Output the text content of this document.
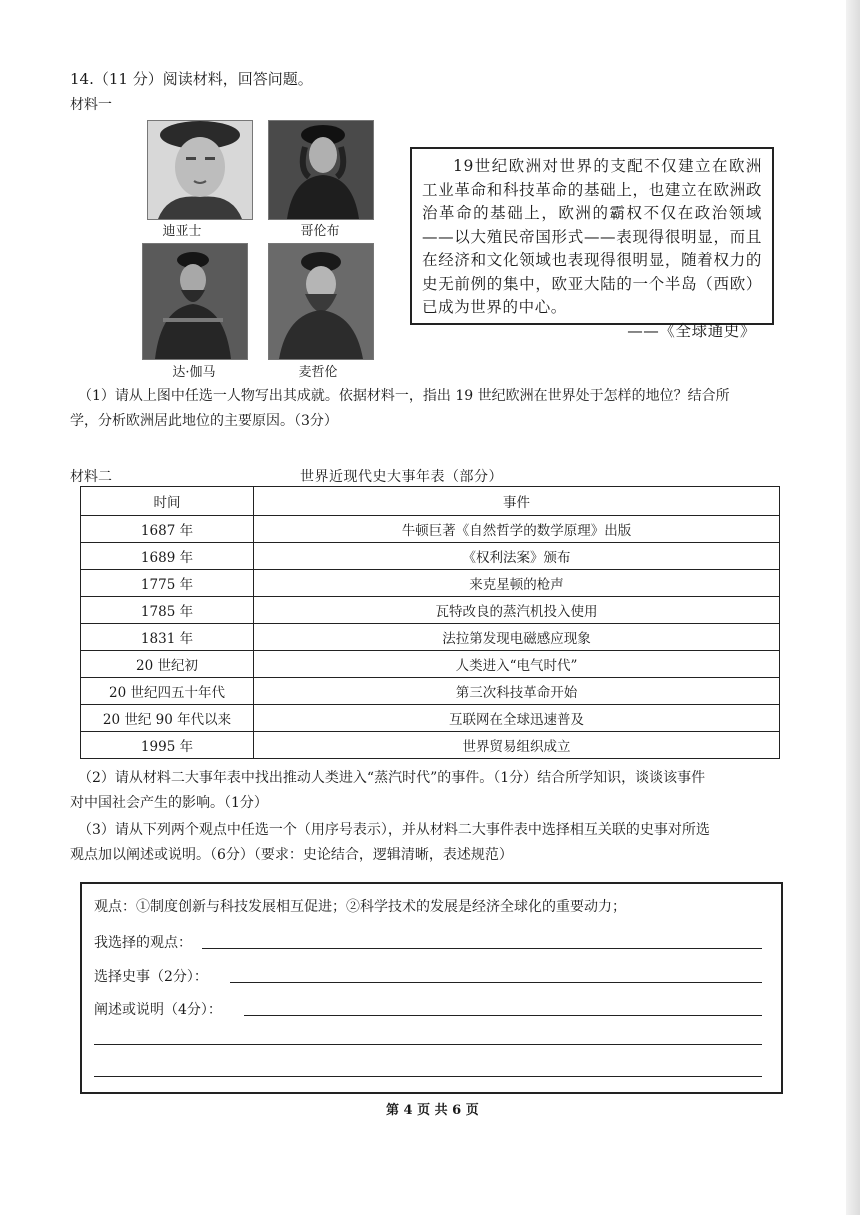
14.（11 分）阅读材料，回答问题。
材料一
迪亚士	哥伦布
达·伽马	麦哲伦
19世纪欧洲对世界的支配不仅建立在欧洲工业革命和科技革命的基础上，也建立在欧洲政治革命的基础上，欧洲的霸权不仅在政治领域——以大殖民帝国形式——表现得很明显，而且在经济和文化领域也表现得很明显，随着权力的史无前例的集中，欧亚大陆的一个半岛（西欧）已成为世界的中心。
——《全球通史》
（1）请从上图中任选一人物写出其成就。依据材料一，指出 19 世纪欧洲在世界处于怎样的地位？结合所
学，分析欧洲居此地位的主要原因。（3分）
材料二	世界近现代史大事年表（部分）
时间	事件
1687 年	牛顿巨著《自然哲学的数学原理》出版
1689 年	《权利法案》颁布
1775 年	来克星顿的枪声
1785 年	瓦特改良的蒸汽机投入使用
1831 年	法拉第发现电磁感应现象
20 世纪初	人类进入“电气时代”
20 世纪四五十年代	第三次科技革命开始
20 世纪 90 年代以来	互联网在全球迅速普及
1995 年	世界贸易组织成立
（2）请从材料二大事年表中找出推动人类进入“蒸汽时代”的事件。（1分）结合所学知识，谈谈该事件
对中国社会产生的影响。（1分）
（3）请从下列两个观点中任选一个（用序号表示），并从材料二大事件表中选择相互关联的史事对所选
观点加以阐述或说明。（6分）（要求：史论结合，逻辑清晰，表述规范）
观点：①制度创新与科技发展相互促进；②科学技术的发展是经济全球化的重要动力；
我选择的观点：
选择史事（2分）：
阐述或说明（4分）：
第 4 页 共 6 页
